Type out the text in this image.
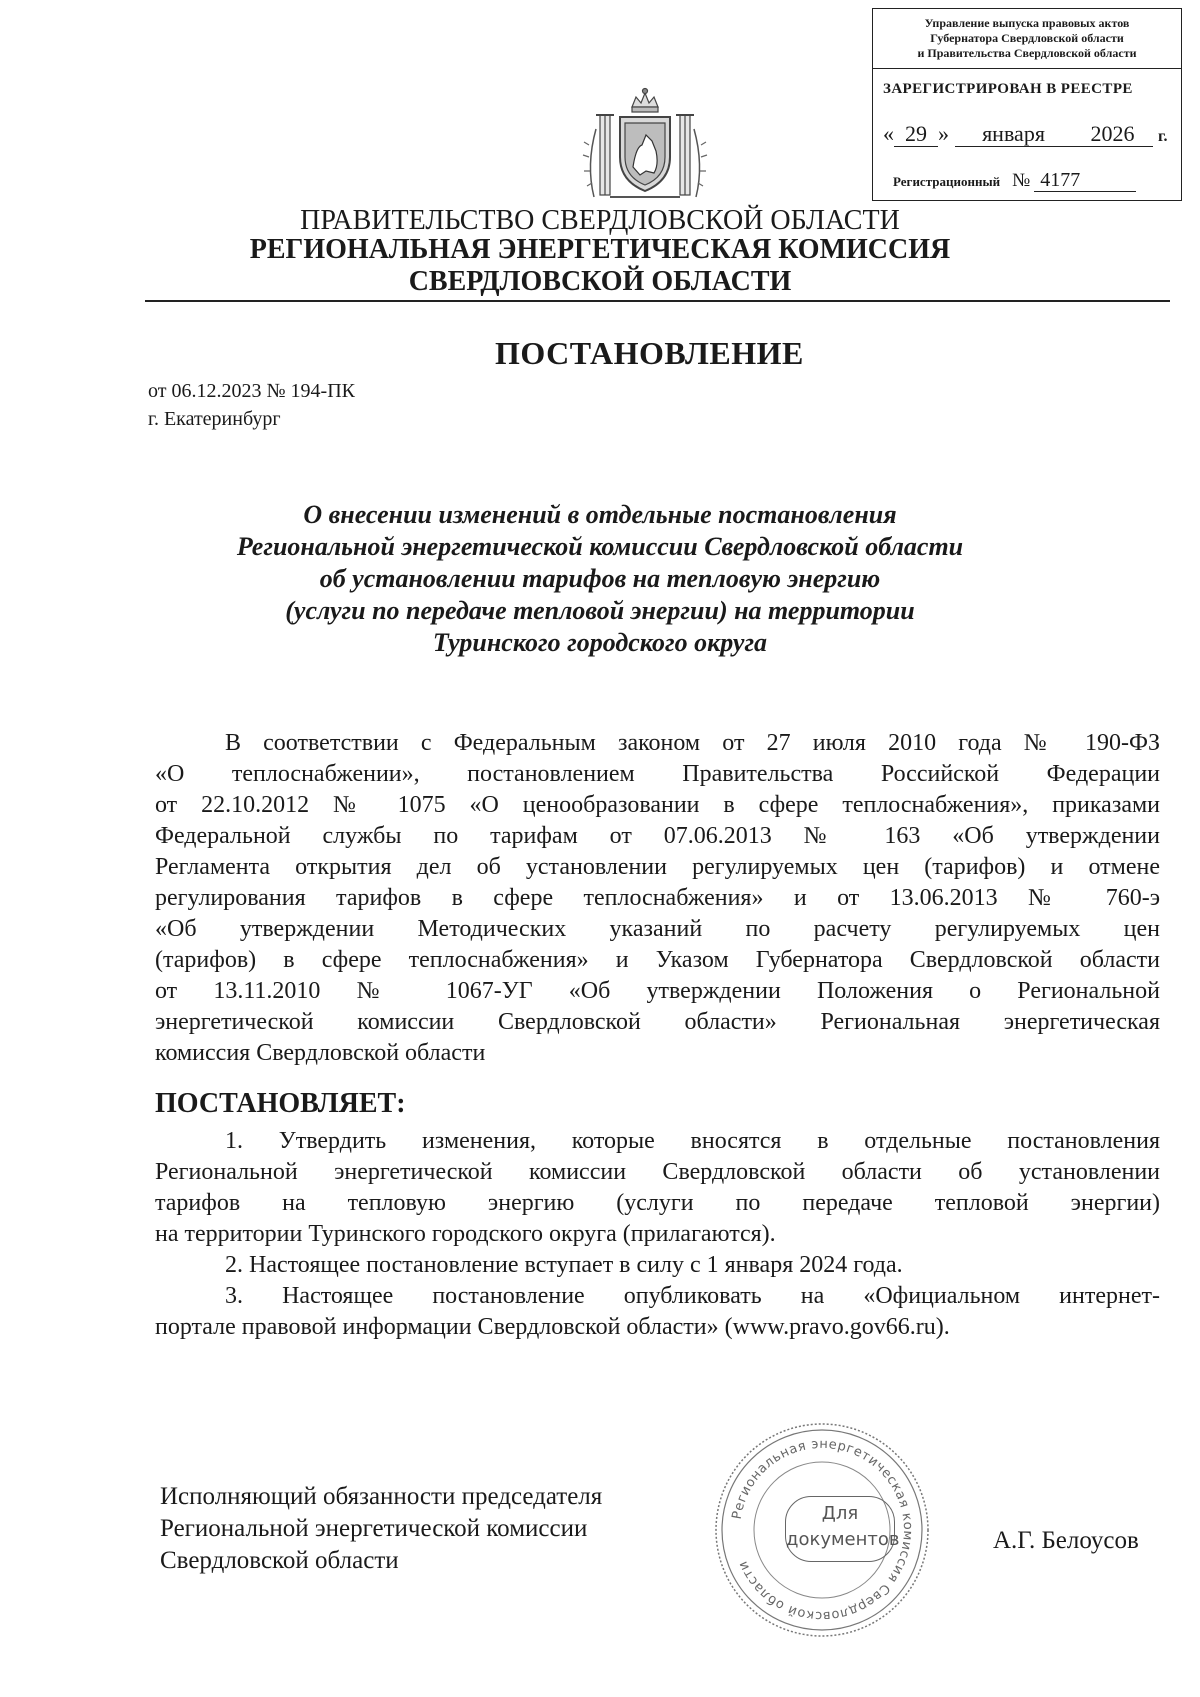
Управление выпуска правовых актов
Губернатора Свердловской области
и Правительства Свердловской области
ЗАРЕГИСТРИРОВАН В РЕЕСТРЕ
« 29 » января 2026 г.
Регистрационный № 4177
ПРАВИТЕЛЬСТВО СВЕРДЛОВСКОЙ ОБЛАСТИ
РЕГИОНАЛЬНАЯ ЭНЕРГЕТИЧЕСКАЯ КОМИССИЯ
СВЕРДЛОВСКОЙ ОБЛАСТИ
ПОСТАНОВЛЕНИЕ
от 06.12.2023 № 194-ПК
г. Екатеринбург
О внесении изменений в отдельные постановления
Региональной энергетической комиссии Свердловской области
об установлении тарифов на тепловую энергию
(услуги по передаче тепловой энергии) на территории
Туринского городского округа
В соответствии с Федеральным законом от 27 июля 2010 года № 190-ФЗ
«О теплоснабжении», постановлением Правительства Российской Федерации
от 22.10.2012 № 1075 «О ценообразовании в сфере теплоснабжения», приказами
Федеральной службы по тарифам от 07.06.2013 № 163 «Об утверждении
Регламента открытия дел об установлении регулируемых цен (тарифов) и отмене
регулирования тарифов в сфере теплоснабжения» и от 13.06.2013 № 760-э
«Об утверждении Методических указаний по расчету регулируемых цен
(тарифов) в сфере теплоснабжения» и Указом Губернатора Свердловской области
от 13.11.2010 № 1067-УГ «Об утверждении Положения о Региональной
энергетической комиссии Свердловской области» Региональная энергетическая
комиссия Свердловской области
ПОСТАНОВЛЯЕТ:
1. Утвердить изменения, которые вносятся в отдельные постановления
Региональной энергетической комиссии Свердловской области об установлении
тарифов на тепловую энергию (услуги по передаче тепловой энергии)
на территории Туринского городского округа (прилагаются).
2. Настоящее постановление вступает в силу с 1 января 2024 года.
3. Настоящее постановление опубликовать на «Официальном интернет-
портале правовой информации Свердловской области» (www.pravo.gov66.ru).
Исполняющий обязанности председателя
Региональной энергетической комиссии
Свердловской области
А.Г. Белоусов
Региональная энергетическая комиссия Свердловской области
Для
документов
